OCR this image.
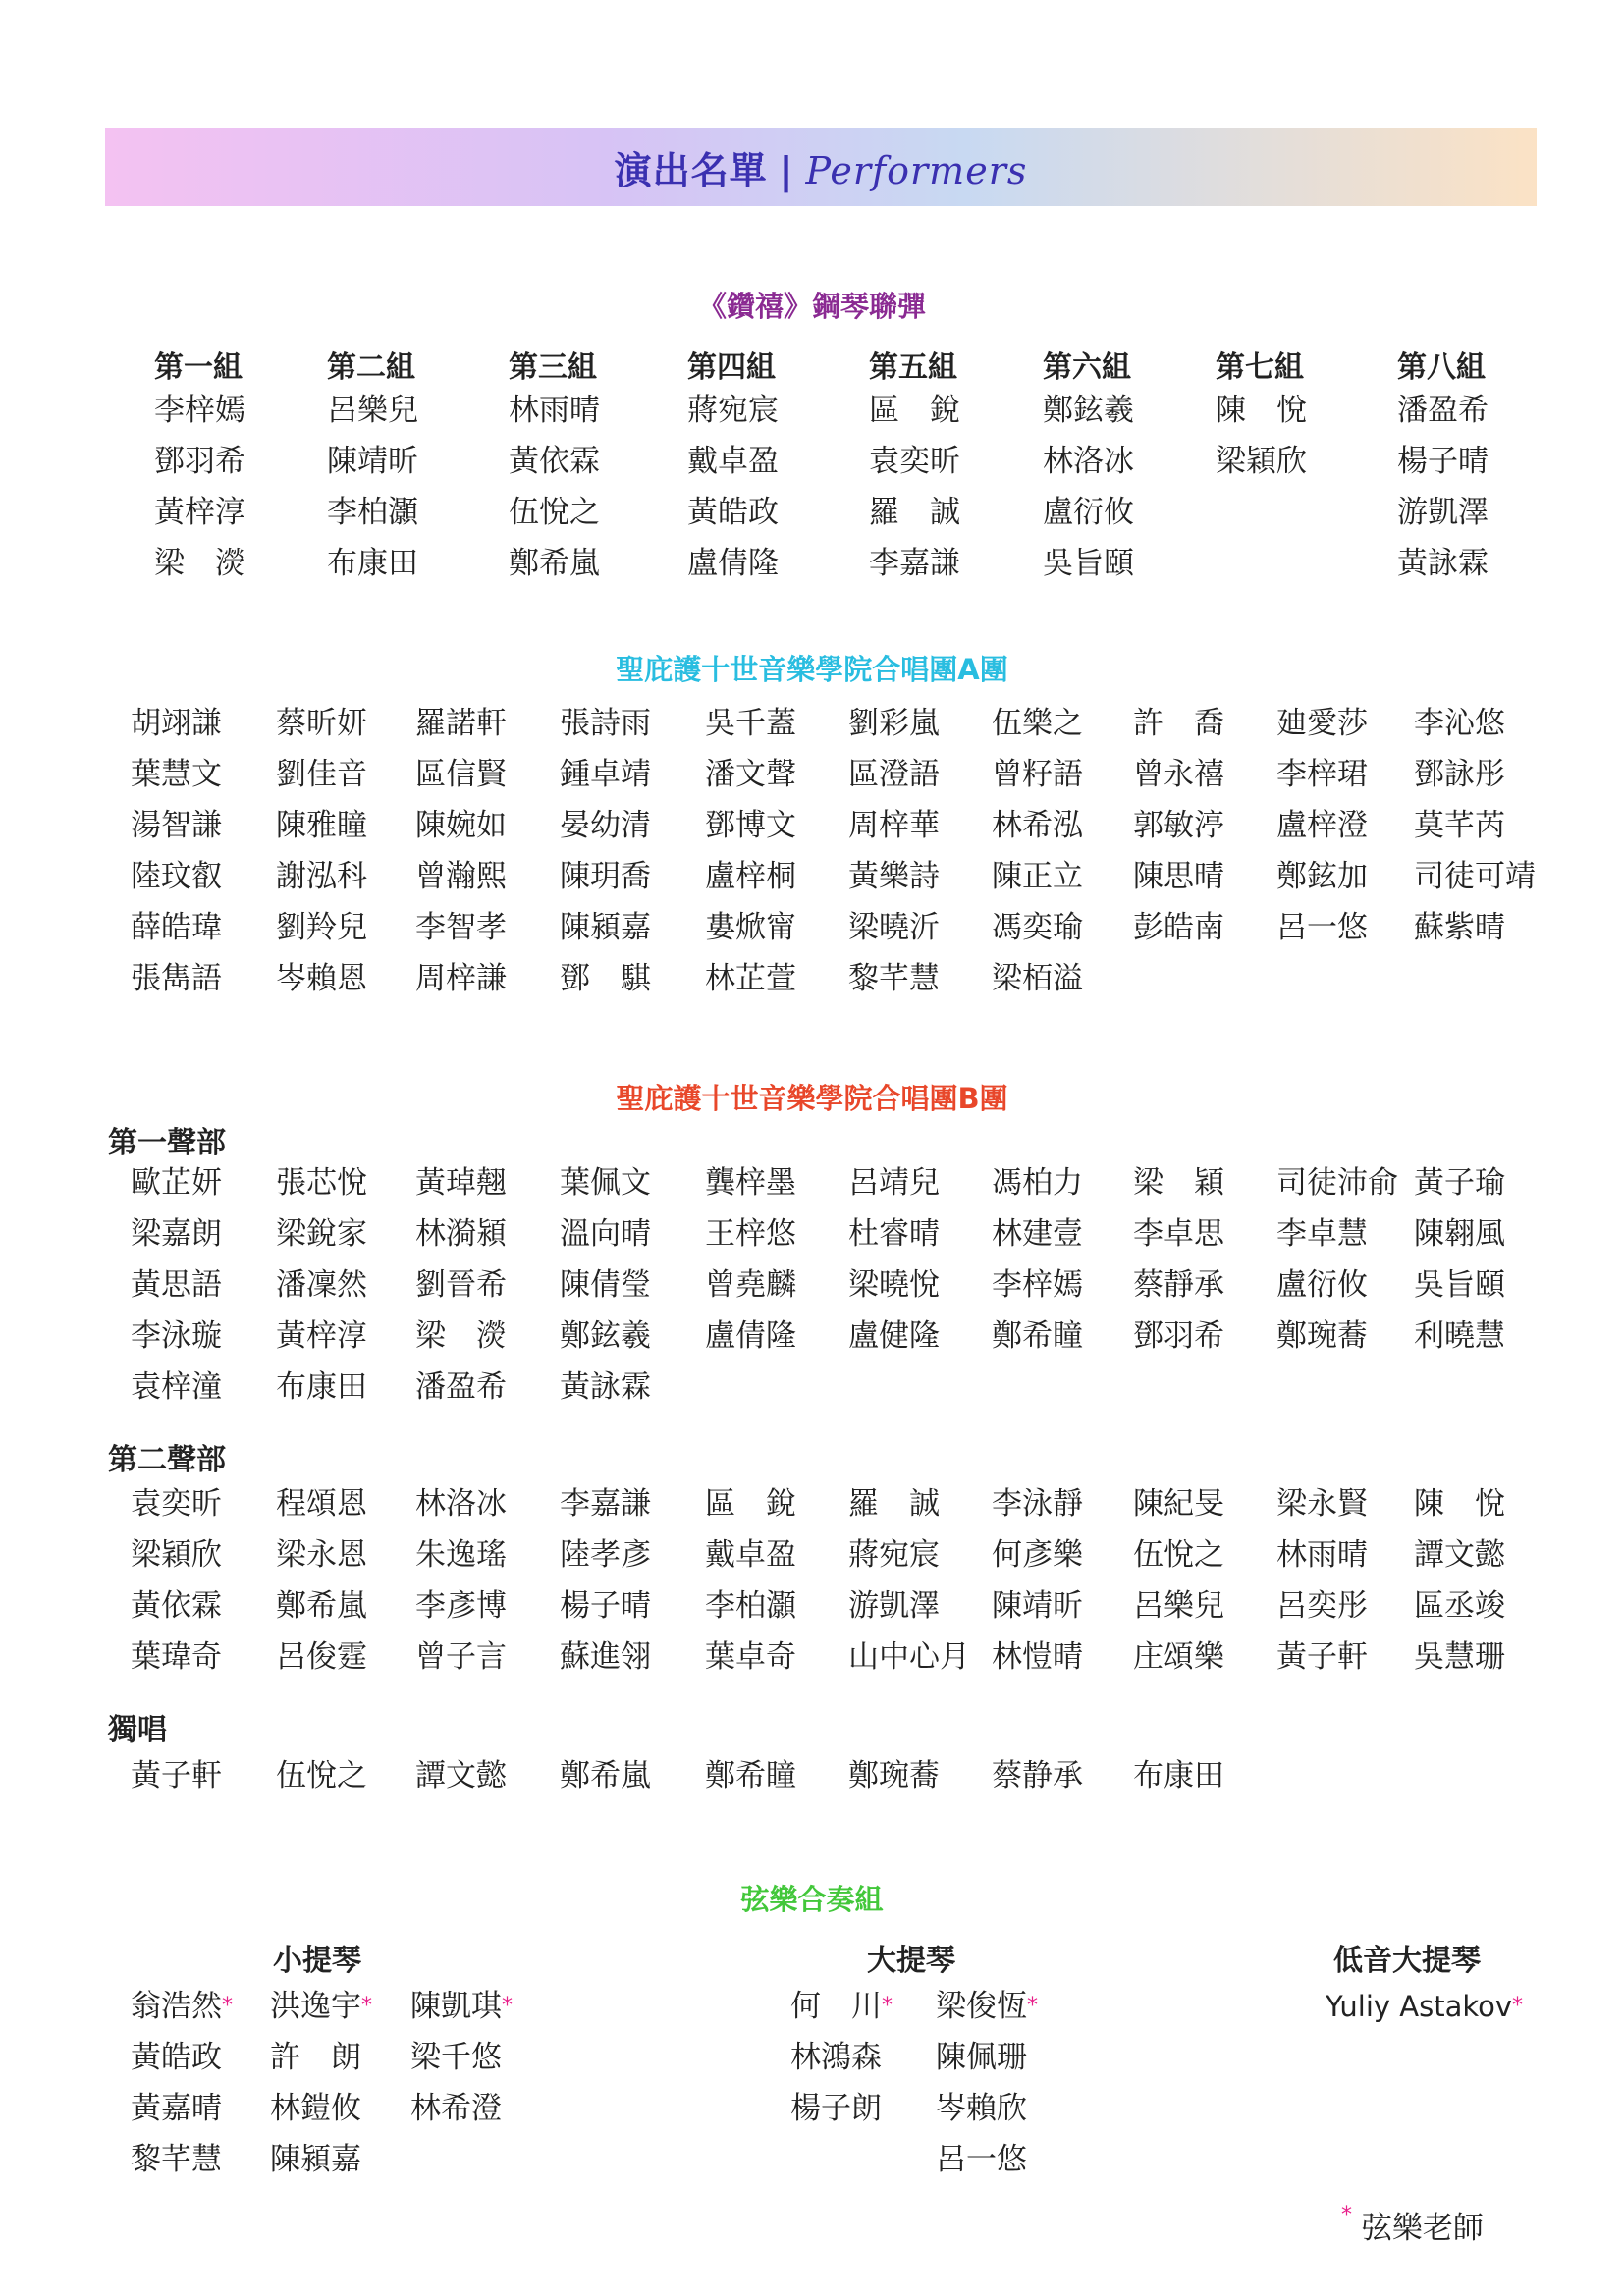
演出名單 | Performers
《鑽禧》鋼琴聯彈
第一組
李梓嫣
鄧羽希
黃梓淳
梁　濙
第二組
呂樂兒
陳靖昕
李柏灝
布康田
第三組
林雨晴
黃依霖
伍悅之
鄭希嵐
第四組
蔣宛宸
戴卓盈
黃皓政
盧倩隆
第五組
區　銳
袁奕昕
羅　誠
李嘉謙
第六組
鄭鉉羲
林洛冰
盧衍攸
吳旨頤
第七組
陳　悅
梁穎欣
第八組
潘盈希
楊子晴
游凱澤
黃詠霖
聖庇護十世音樂學院合唱團A團
胡翊謙 蔡昕妍 羅諾軒 張詩雨 吳千蓋 劉彩嵐 伍樂之 許　喬 廸愛莎 李沁悠
葉慧文 劉佳音 區信賢 鍾卓靖 潘文聲 區澄語 曾籽語 曾永禧 李梓珺 鄧詠彤
湯智謙 陳雅瞳 陳婉如 晏幼清 鄧博文 周梓華 林希泓 郭敏渟 盧梓澄 莫芊芮
陸玟叡 謝泓科 曾瀚熙 陳玥喬 盧梓桐 黃樂詩 陳正立 陳思晴 鄭鉉加 司徒可靖
薛皓瑋 劉羚兒 李智孝 陳潁嘉 婁焮甯 梁曉沂 馮奕瑜 彭皓南 呂一悠 蘇紫晴
張雋語 岑賴恩 周梓謙 鄧　騏 林芷萱 黎芊慧 梁栢溢
聖庇護十世音樂學院合唱團B團
第一聲部
歐芷妍 張芯悅 黃琸翹 葉佩文 龔梓墨 呂靖兒 馮柏力 梁　穎 司徒沛俞 黃子瑜
梁嘉朗 梁銳家 林漪潁 溫向晴 王梓悠 杜睿晴 林建壹 李卓思 李卓慧 陳翱風
黃思語 潘凜然 劉晉希 陳倩瑩 曾堯麟 梁曉悅 李梓嫣 蔡靜承 盧衍攸 吳旨頤
李泳璇 黃梓淳 梁　濙 鄭鉉羲 盧倩隆 盧健隆 鄭希瞳 鄧羽希 鄭琬蕎 利曉慧
袁梓潼 布康田 潘盈希 黃詠霖
第二聲部
袁奕昕 程頌恩 林洛冰 李嘉謙 區　銳 羅　誠 李泳靜 陳紀旻 梁永賢 陳　悅
梁穎欣 梁永恩 朱逸瑤 陸孝彥 戴卓盈 蔣宛宸 何彥樂 伍悅之 林雨晴 譚文懿
黃依霖 鄭希嵐 李彥博 楊子晴 李柏灝 游凱澤 陳靖昕 呂樂兒 呂奕彤 區丞竣
葉瑋奇 呂俊霆 曾子言 蘇進翎 葉卓奇 山中心月 林愷晴 庄頌樂 黃子軒 吳慧珊
獨唱
黃子軒 伍悅之 譚文懿 鄭希嵐 鄭希瞳 鄭琬蕎 蔡静承 布康田
弦樂合奏組
小提琴
翁浩然* 洪逸宇* 陳凱琪*
黃皓政 許　朗 梁千悠
黃嘉晴 林鎧攸 林希澄
黎芊慧 陳潁嘉
大提琴
何　川* 梁俊恆*
林鴻森 陳佩珊
楊子朗 岑賴欣
呂一悠
低音大提琴
Yuliy Astakov*
* 弦樂老師
